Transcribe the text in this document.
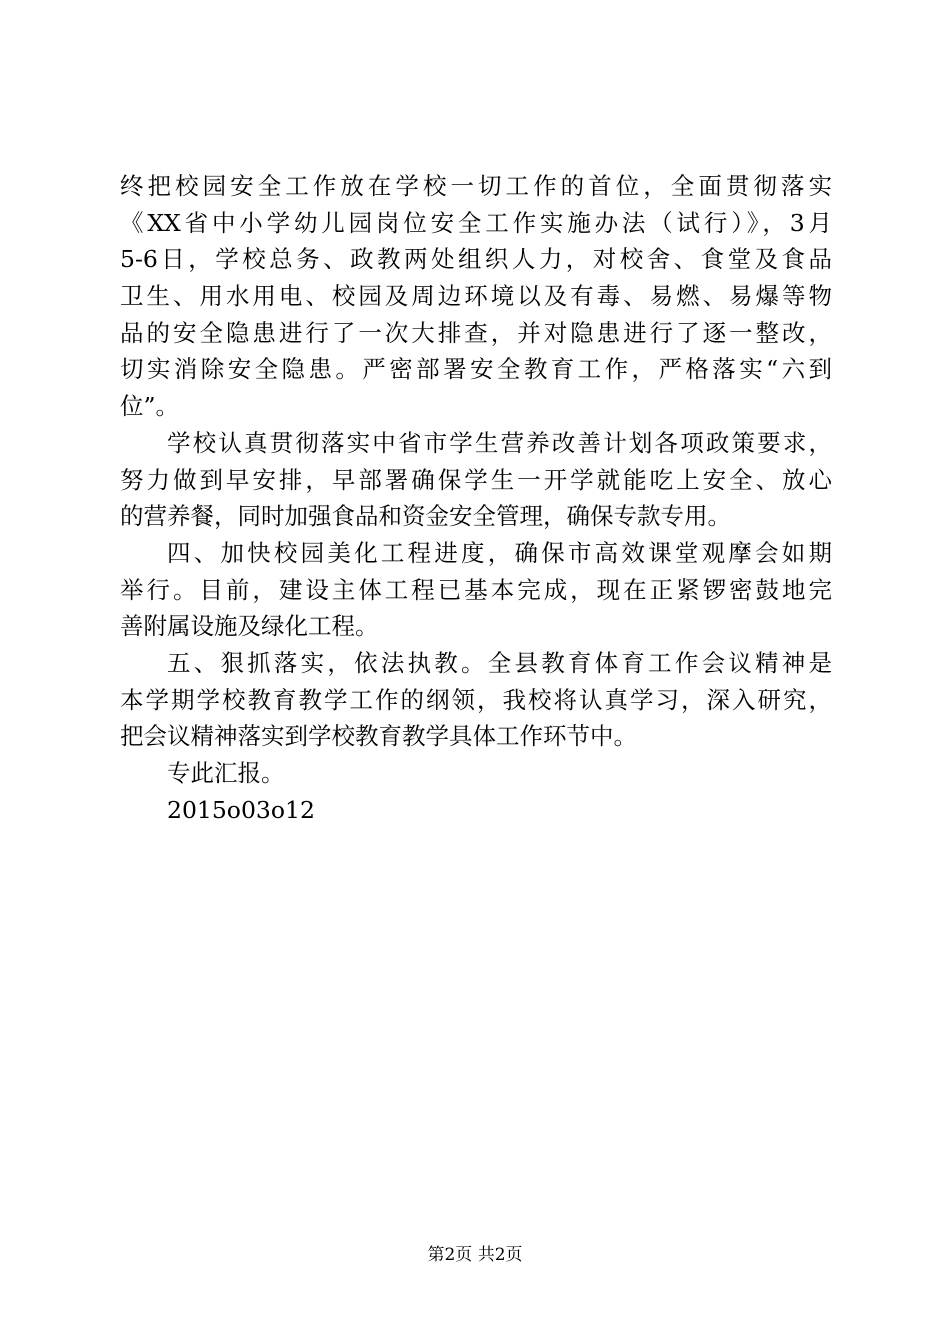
终把校园安全工作放在学校一切工作的首位，全面贯彻落实
《XX省中小学幼儿园岗位安全工作实施办法（试行）》，3月
5-6日，学校总务、政教两处组织人力，对校舍、食堂及食品
卫生、用水用电、校园及周边环境以及有毒、易燃、易爆等物
品的安全隐患进行了一次大排查，并对隐患进行了逐一整改，
切实消除安全隐患。严密部署安全教育工作，严格落实“六到
位”。
学校认真贯彻落实中省市学生营养改善计划各项政策要求，
努力做到早安排，早部署确保学生一开学就能吃上安全、放心
的营养餐，同时加强食品和资金安全管理，确保专款专用。
四、加快校园美化工程进度，确保市高效课堂观摩会如期
举行。目前，建设主体工程已基本完成，现在正紧锣密鼓地完
善附属设施及绿化工程。
五、狠抓落实，依法执教。全县教育体育工作会议精神是
本学期学校教育教学工作的纲领，我校将认真学习，深入研究，
把会议精神落实到学校教育教学具体工作环节中。
专此汇报。
2015o03o12
第2页 共2页
